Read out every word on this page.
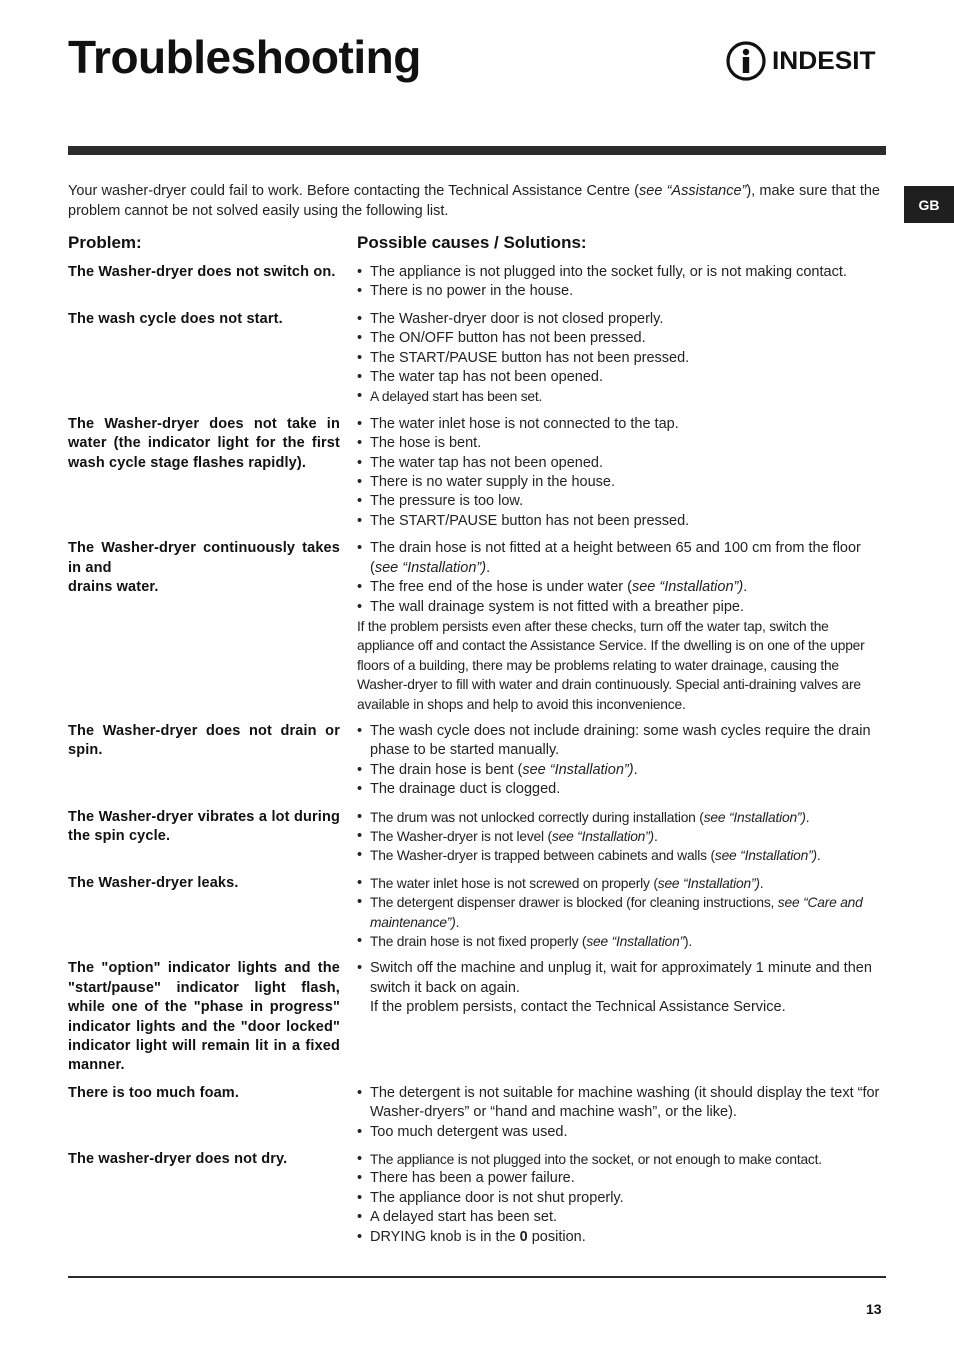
Troubleshooting	INDESIT
GB

Your washer-dryer could fail to work. Before contacting the Technical Assistance Centre (see “Assistance”), make sure that the problem cannot be not solved easily using the following list.

Problem:	Possible causes / Solutions:
The Washer-dryer does not switch on.	• The appliance is not plugged into the socket fully, or is not making contact.
• There is no power in the house.
The wash cycle does not start.	• The Washer-dryer door is not closed properly.
• The ON/OFF button has not been pressed.
• The START/PAUSE button has not been pressed.
• The water tap has not been opened.
• A delayed start has been set.
The Washer-dryer does not take in water (the indicator light for the first wash cycle stage flashes rapidly).
• The water inlet hose is not connected to the tap.
• The hose is bent.
• The water tap has not been opened.
• There is no water supply in the house.
• The pressure is too low.
• The START/PAUSE button has not been pressed.
The Washer-dryer continuously takes in and
drains water.
• The drain hose is not fitted at a height between 65 and 100 cm from the floor (see “Installation”).
• The free end of the hose is under water (see “Installation”).
• The wall drainage system is not fitted with a breather pipe.
If the problem persists even after these checks, turn off the water tap, switch the appliance off and contact the Assistance Service. If the dwelling is on one of the upper floors of a building, there may be problems relating to water drainage, causing the Washer-dryer to fill with water and drain continuously. Special anti-draining valves are available in shops and help to avoid this inconvenience.
The Washer-dryer does not drain or spin.
• The wash cycle does not include draining: some wash cycles require the drain phase to be started manually.
• The drain hose is bent (see “Installation”).
• The drainage duct is clogged.
The Washer-dryer vibrates a lot during the spin cycle.
• The drum was not unlocked correctly during installation (see “Installation”).
• The Washer-dryer is not level (see “Installation”).
• The Washer-dryer is trapped between cabinets and walls (see “Installation”).
The Washer-dryer leaks.	• The water inlet hose is not screwed on properly (see “Installation”).
• The detergent dispenser drawer is blocked (for cleaning instructions, see “Care and maintenance”).
• The drain hose is not fixed properly (see “Installation”).
The "option" indicator lights and the "start/pause" indicator light flash, while one of the "phase in progress" indicator lights and the "door locked" indicator light will remain lit in a fixed manner.
• Switch off the machine and unplug it, wait for approximately 1 minute and then switch it back on again.
If the problem persists, contact the Technical Assistance Service.
There is too much foam.	• The detergent is not suitable for machine washing (it should display the text “for Washer-dryers” or “hand and machine wash”, or the like).
• Too much detergent was used.
The washer-dryer does not dry.	• The appliance is not plugged into the socket, or not enough to make contact.
• There has been a power failure.
• The appliance door is not shut properly.
• A delayed start has been set.
• DRYING knob is in the 0 position.
13
